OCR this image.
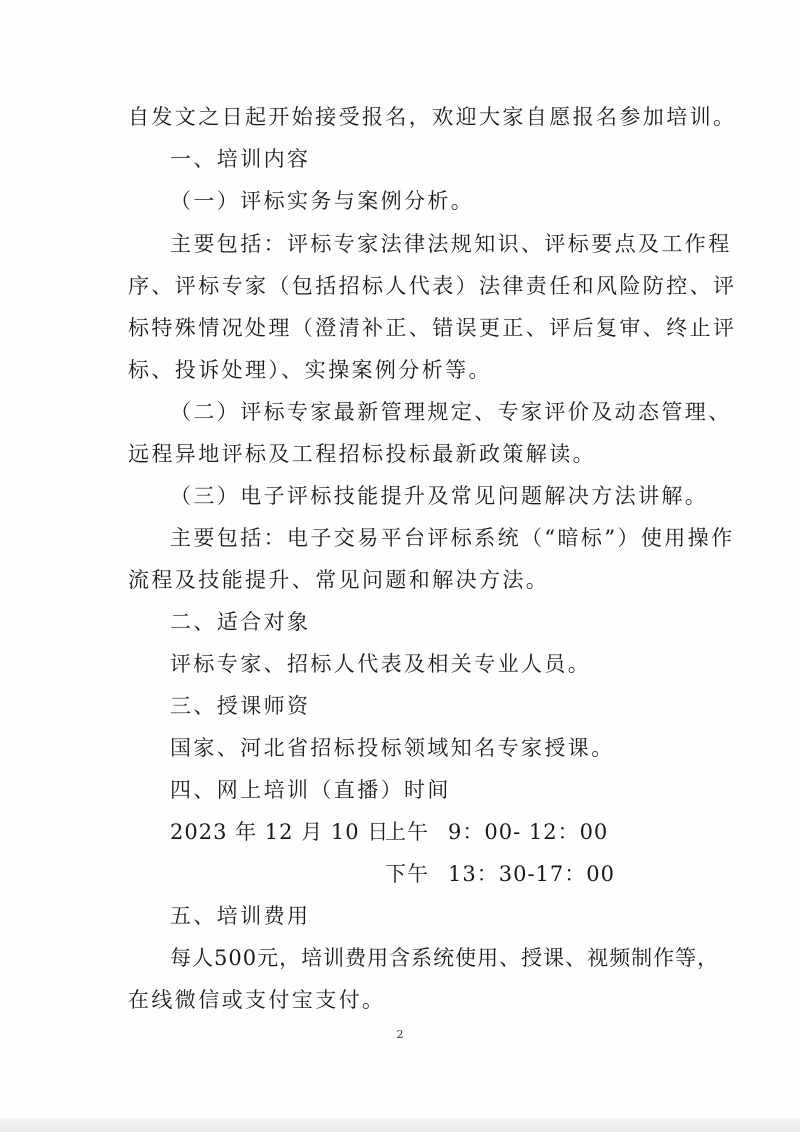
自发文之日起开始接受报名，欢迎大家自愿报名参加培训。
一、培训内容
（一）评标实务与案例分析。
主要包括：评标专家法律法规知识、评标要点及工作程
序、评标专家（包括招标人代表）法律责任和风险防控、评
标特殊情况处理（澄清补正、错误更正、评后复审、终止评
标、投诉处理）、实操案例分析等。
（二）评标专家最新管理规定、专家评价及动态管理、
远程异地评标及工程招标投标最新政策解读。
（三）电子评标技能提升及常见问题解决方法讲解。
主要包括：电子交易平台评标系统（“暗标”）使用操作
流程及技能提升、常见问题和解决方法。
二、适合对象
评标专家、招标人代表及相关专业人员。
三、授课师资
国家、河北省招标投标领域知名专家授课。
四、网上培训（直播）时间
2023 年 12 月 10 日
上午 9：00- 12：00
下午 13：30-17：00
五、培训费用
每人500元，培训费用含系统使用、授课、视频制作等，
在线微信或支付宝支付。
2
